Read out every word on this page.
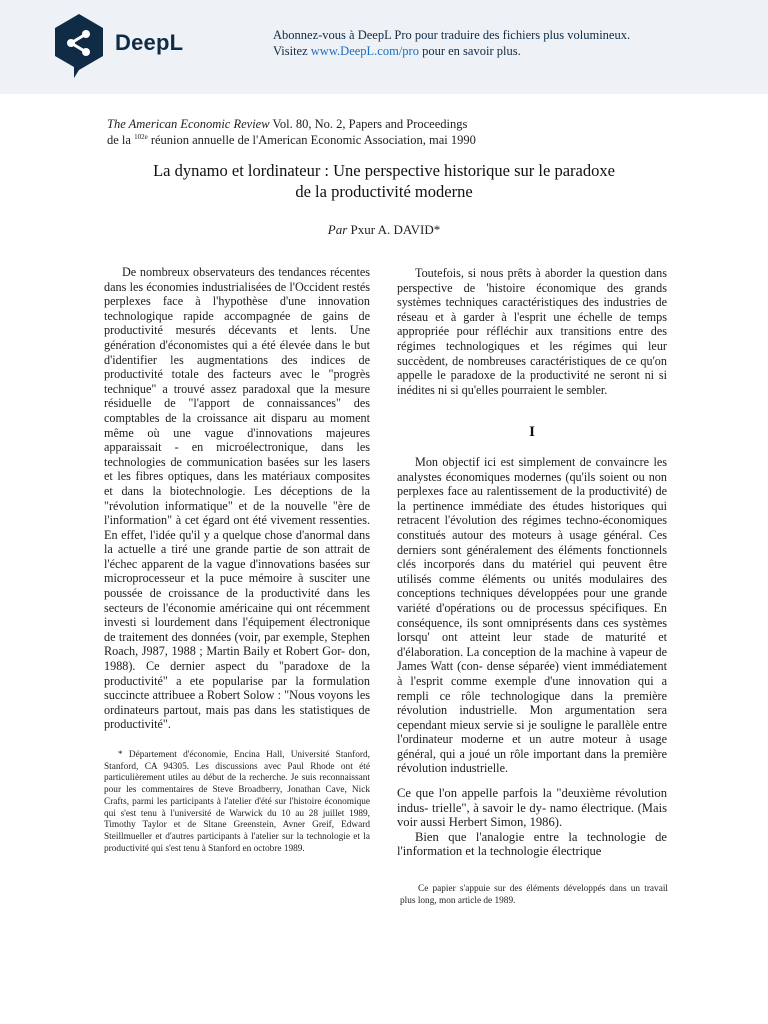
DeepL	Abonnez-vous à DeepL Pro pour traduire des fichiers plus volumineux.
Visitez www.DeepL.com/pro pour en savoir plus.
The American Economic Review Vol. 80, No. 2, Papers and Proceedings
de la $^{102e}$ réunion annuelle de l'American Economic Association, mai 1990
La dynamo et lordinateur : Une perspective historique sur le paradoxe
de la productivité moderne
Par Pxur A. DAVID*

De nombreux observateurs des tendances récentes dans les économies industrialisées de l'Occident restés perplexes face à l'hypothèse d'une innovation technologique rapide accompagnée de gains de productivité mesurés décevants et lents. Une génération d'économistes qui a été élevée dans le but d'identifier les augmentations des indices de productivité totale des facteurs avec le "progrès technique" a trouvé assez paradoxal que la mesure résiduelle de "l'apport de connaissances" des comptables de la croissance ait disparu au moment même où une vague d'innovations majeures apparaissait - en microélectronique, dans les technologies de communication basées sur les lasers et les fibres optiques, dans les matériaux composites et dans la biotechnologie. Les déceptions de la "révolution informatique" et de la nouvelle "ère de l'information" à cet égard ont été vivement ressenties. En effet, l'idée qu'il y a quelque chose d'anormal dans la actuelle a tiré une grande partie de son attrait de l'échec apparent de la vague d'innovations basées sur microprocesseur et la puce mémoire à susciter une poussée de croissance de la productivité dans les secteurs de l'économie américaine qui ont récemment investi si lourdement dans l'équipement électronique de traitement des données (voir, par exemple, Stephen Roach, J987, 1988 ; Martin Baily et Robert Gor- don, 1988). Ce dernier aspect du "paradoxe de la productivité" a ete popularise par la formulation succincte attribuee a Robert Solow : "Nous voyons les ordinateurs partout, mais pas dans les statistiques de productivité".

* Département d'économie, Encina Hall, Université Stanford, Stanford, CA 94305. Les discussions avec Paul Rhode ont été particulièrement utiles au début de la recherche. Je suis reconnaissant pour les commentaires de Steve Broadberry, Jonathan Cave, Nick Crafts, parmi les participants à l'atelier d'été sur l'histoire économique qui s'est tenu à l'université de Warwick du 10 au 28 juillet 1989, Timothy Taylor et de Sltane Greenstein, Avner Greif, Edward Steillmueller et d'autres participants à l'atelier sur la technologie et la productivité qui s'est tenu à Stanford en octobre 1989.

Toutefois, si nous prêts à aborder la question dans perspective de 'histoire économique des grands systèmes techniques caractéristiques des industries de réseau et à garder à l'esprit une échelle de temps appropriée pour réfléchir aux transitions entre des régimes technologiques et les régimes qui leur succèdent, de nombreuses caractéristiques de ce qu'on appelle le paradoxe de la productivité ne seront ni si inédites ni si qu'elles pourraient le sembler.

I

Mon objectif ici est simplement de convaincre les analystes économiques modernes (qu'ils soient ou non perplexes face au ralentissement de la productivité) de la pertinence immédiate des études historiques qui retracent l'évolution des régimes techno-économiques constitués autour des moteurs à usage général. Ces derniers sont généralement des éléments fonctionnels clés incorporés dans du matériel qui peuvent être utilisés comme éléments ou unités modulaires des conceptions techniques développées pour une grande variété d'opérations ou de processus spécifiques. En conséquence, ils sont omniprésents dans ces systèmes lorsqu' ont atteint leur stade de maturité et d'élaboration. La conception de la machine à vapeur de James Watt (con- dense séparée) vient immédiatement à l'esprit comme exemple d'une innovation qui a rempli ce rôle technologique dans la première révolution industrielle. Mon argumentation sera cependant mieux servie si je souligne le parallèle entre l'ordinateur moderne et un autre moteur à usage général, qui a joué un rôle important dans la première révolution industrielle.

Ce que l'on appelle parfois la "deuxième révolution indus- trielle", à savoir le dy- namo électrique. (Mais voir aussi Herbert Simon, 1986).

Bien que l'analogie entre la technologie de l'information et la technologie électrique

Ce papier s'appuie sur des éléments développés dans un travail plus long, mon article de 1989.
